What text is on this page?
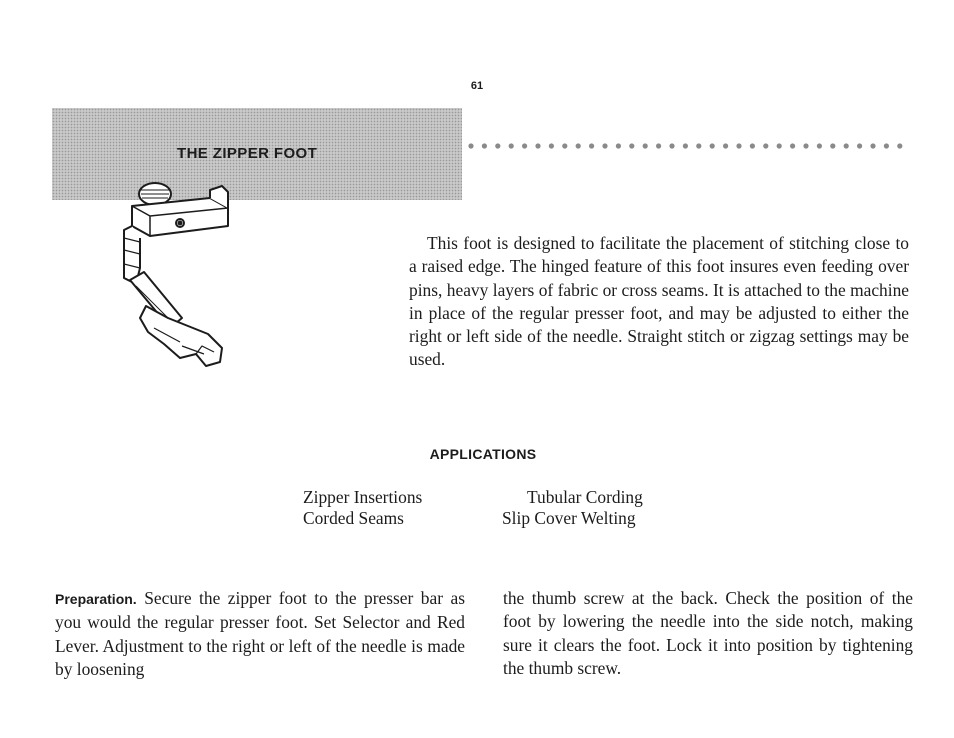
61
THE ZIPPER FOOT

This foot is designed to facilitate the placement of stitching close to a raised edge. The hinged feature of this foot insures even feeding over pins, heavy layers of fabric or cross seams. It is attached to the machine in place of the regular presser foot, and may be adjusted to either the right or left side of the needle. Straight stitch or zigzag settings may be used.

APPLICATIONS
Zipper Insertions
Corded Seams
Tubular Cording
Slip Cover Welting

Preparation. Secure the zipper foot to the presser bar as you would the regular presser foot. Set Selector and Red Lever. Adjustment to the right or left of the needle is made by loosening

the thumb screw at the back. Check the position of the foot by lowering the needle into the side notch, making sure it clears the foot. Lock it into position by tightening the thumb screw.
